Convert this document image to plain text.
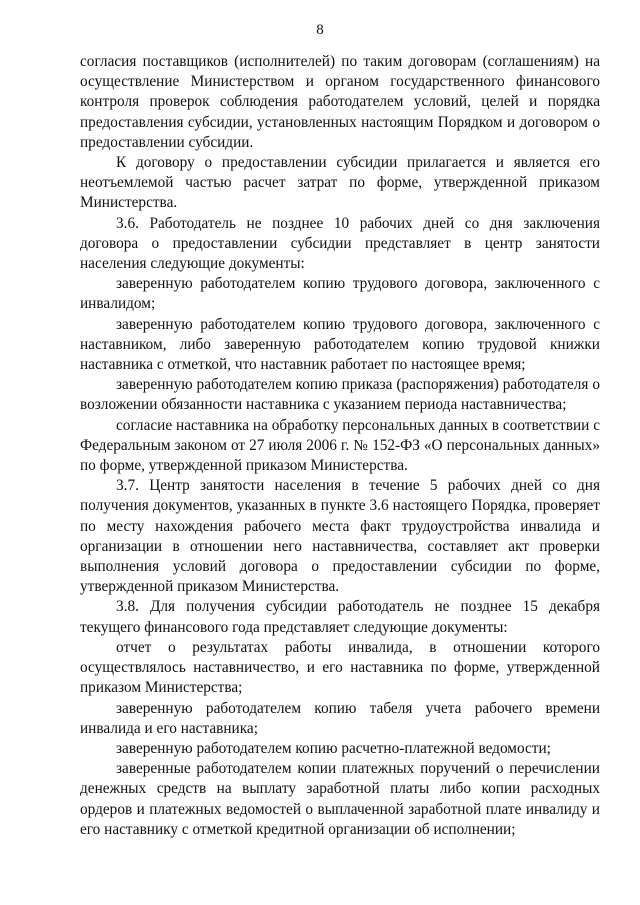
8

согласия поставщиков (исполнителей) по таким договорам (соглашениям) на осуществление Министерством и органом государственного финансового контроля проверок соблюдения работодателем условий, целей и порядка предоставления субсидии, установленных настоящим Порядком и договором о предоставлении субсидии.

К договору о предоставлении субсидии прилагается и является его неотъемлемой частью расчет затрат по форме, утвержденной приказом Министерства.

3.6. Работодатель не позднее 10 рабочих дней со дня заключения договора о предоставлении субсидии представляет в центр занятости населения следующие документы:

заверенную работодателем копию трудового договора, заключенного с инвалидом;

заверенную работодателем копию трудового договора, заключенного с наставником, либо заверенную работодателем копию трудовой книжки наставника с отметкой, что наставник работает по настоящее время;

заверенную работодателем копию приказа (распоряжения) работодателя о возложении обязанности наставника с указанием периода наставничества;

согласие наставника на обработку персональных данных в соответствии с Федеральным законом от 27 июля 2006 г. № 152-ФЗ «О персональных данных» по форме, утвержденной приказом Министерства.

3.7. Центр занятости населения в течение 5 рабочих дней со дня получения документов, указанных в пункте 3.6 настоящего Порядка, проверяет по месту нахождения рабочего места факт трудоустройства инвалида и организации в отношении него наставничества, составляет акт проверки выполнения условий договора о предоставлении субсидии по форме, утвержденной приказом Министерства.

3.8. Для получения субсидии работодатель не позднее 15 декабря текущего финансового года представляет следующие документы:

отчет о результатах работы инвалида, в отношении которого осуществлялось наставничество, и его наставника по форме, утвержденной приказом Министерства;

заверенную работодателем копию табеля учета рабочего времени инвалида и его наставника;

заверенную работодателем копию расчетно-платежной ведомости;

заверенные работодателем копии платежных поручений о перечислении денежных средств на выплату заработной платы либо копии расходных ордеров и платежных ведомостей о выплаченной заработной плате инвалиду и его наставнику с отметкой кредитной организации об исполнении;
